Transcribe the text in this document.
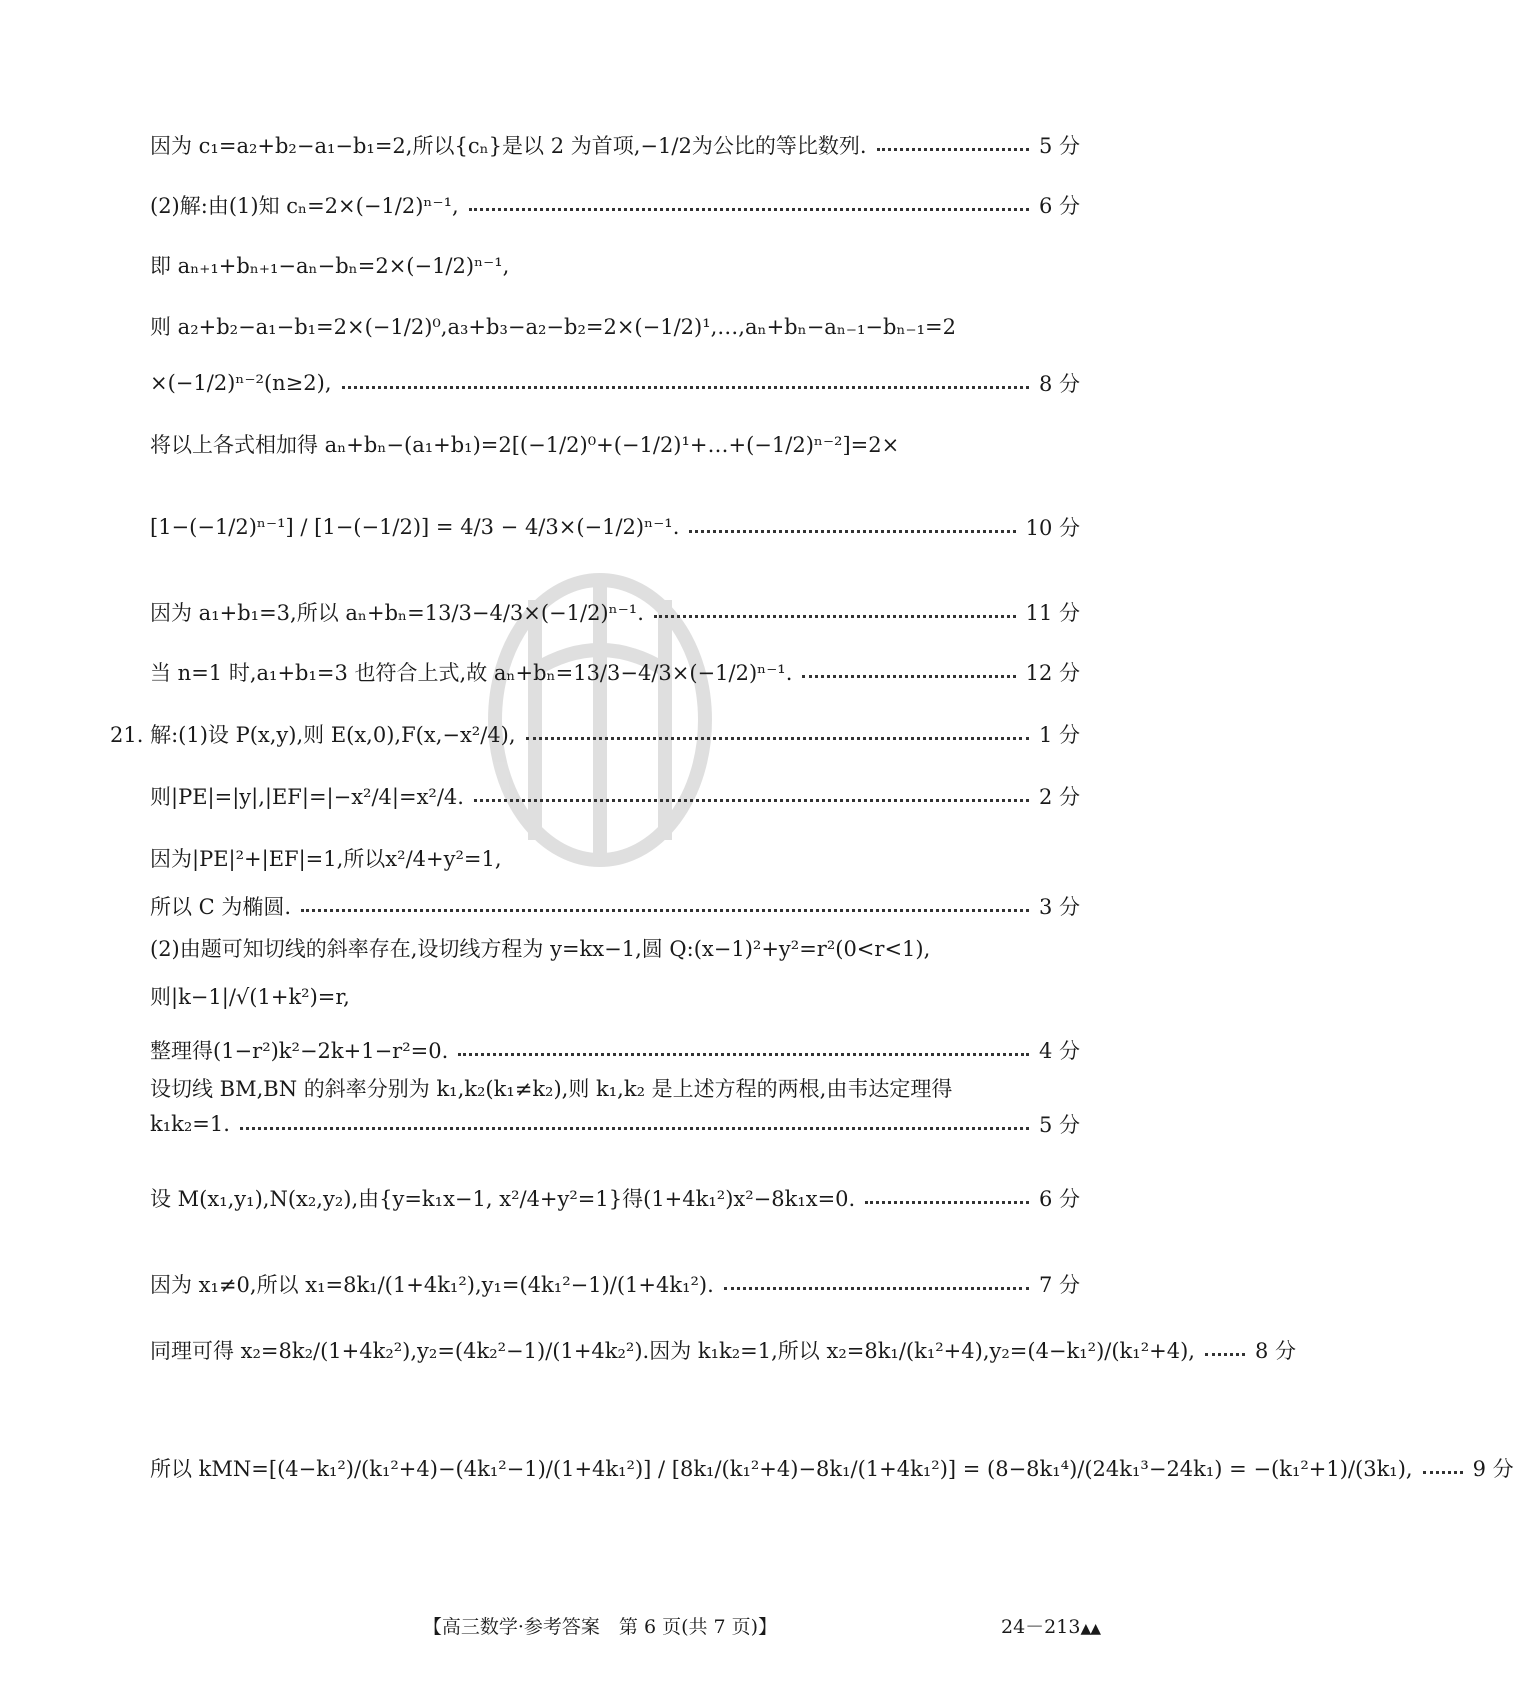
因为 c₁=a₂+b₂−a₁−b₁=2,所以{cₙ}是以 2 为首项,−1/2为公比的等比数列.	5 分
(2)解:由(1)知 cₙ=2×(−1/2)ⁿ⁻¹,	6 分
即 aₙ₊₁+bₙ₊₁−aₙ−bₙ=2×(−1/2)ⁿ⁻¹,
则 a₂+b₂−a₁−b₁=2×(−1/2)⁰,a₃+b₃−a₂−b₂=2×(−1/2)¹,…,aₙ+bₙ−aₙ₋₁−bₙ₋₁=2
×(−1/2)ⁿ⁻²(n≥2),	8 分
将以上各式相加得 aₙ+bₙ−(a₁+b₁)=2[(−1/2)⁰+(−1/2)¹+…+(−1/2)ⁿ⁻²]=2×
[1−(−1/2)ⁿ⁻¹] / [1−(−1/2)] = 4/3 − 4/3×(−1/2)ⁿ⁻¹.	10 分
因为 a₁+b₁=3,所以 aₙ+bₙ=13/3−4/3×(−1/2)ⁿ⁻¹.	11 分
当 n=1 时,a₁+b₁=3 也符合上式,故 aₙ+bₙ=13/3−4/3×(−1/2)ⁿ⁻¹.	12 分
21. 解:(1)设 P(x,y),则 E(x,0),F(x,−x²/4),	1 分
则|PE|=|y|,|EF|=|−x²/4|=x²/4.	2 分
因为|PE|²+|EF|=1,所以x²/4+y²=1,
所以 C 为椭圆.	3 分
(2)由题可知切线的斜率存在,设切线方程为 y=kx−1,圆 Q:(x−1)²+y²=r²(0<r<1),
则|k−1|/√(1+k²)=r,
整理得(1−r²)k²−2k+1−r²=0.	4 分
设切线 BM,BN 的斜率分别为 k₁,k₂(k₁≠k₂),则 k₁,k₂ 是上述方程的两根,由韦达定理得
k₁k₂=1.	5 分
设 M(x₁,y₁),N(x₂,y₂),由{y=k₁x−1, x²/4+y²=1}得(1+4k₁²)x²−8k₁x=0.	6 分
因为 x₁≠0,所以 x₁=8k₁/(1+4k₁²),y₁=(4k₁²−1)/(1+4k₁²).	7 分
同理可得 x₂=8k₂/(1+4k₂²),y₂=(4k₂²−1)/(1+4k₂²).因为 k₁k₂=1,所以 x₂=8k₁/(k₁²+4),y₂=(4−k₁²)/(k₁²+4),	8 分
所以 kMN=[(4−k₁²)/(k₁²+4)−(4k₁²−1)/(1+4k₁²)] / [8k₁/(k₁²+4)−8k₁/(1+4k₁²)] = (8−8k₁⁴)/(24k₁³−24k₁) = −(k₁²+1)/(3k₁),	9 分
【高三数学·参考答案　第 6 页(共 7 页)】	24－213▲▲
